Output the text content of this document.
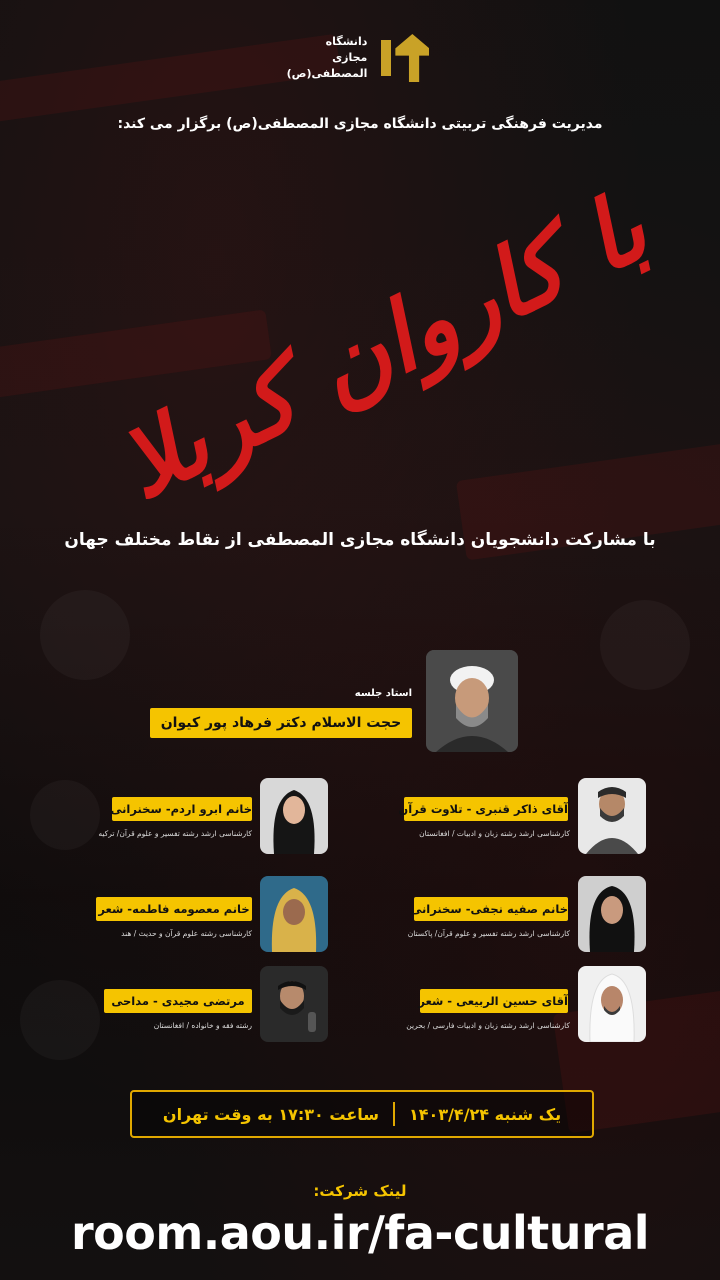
دانشگاه
مجازی
المصطفی(ص)
مدیریت فرهنگی تربیتی دانشگاه مجازی المصطفی(ص) برگزار می کند:
با کاروان کربلا
با مشارکت دانشجویان دانشگاه مجازی المصطفی از نقاط مختلف جهان
استاد جلسه
حجت الاسلام دکتر فرهاد پور کیوان
آقای ذاکر قنبری - تلاوت قرآن
کارشناسی ارشد رشته زبان و ادبیات / افغانستان
خانم ابرو اردم- سخنرانی
کارشناسی ارشد رشته تفسیر و علوم قرآن/ ترکیه
خانم صفیه نجفی- سخنرانی
کارشناسی ارشد رشته تفسیر و علوم قرآن/ پاکستان
خانم معصومه فاطمه- شعر
کارشناسی رشته علوم قرآن و حدیث / هند
آقای حسین الربیعی - شعر
کارشناسی ارشد رشته زبان و ادبیات فارسی / بحرین
مرتضی مجیدی - مداحی
رشته فقه و خانواده / افغانستان
یک شنبه ۱۴۰۳/۴/۲۴
ساعت ۱۷:۳۰ به وقت تهران
لینک شرکت:
room.aou.ir/fa-cultural
